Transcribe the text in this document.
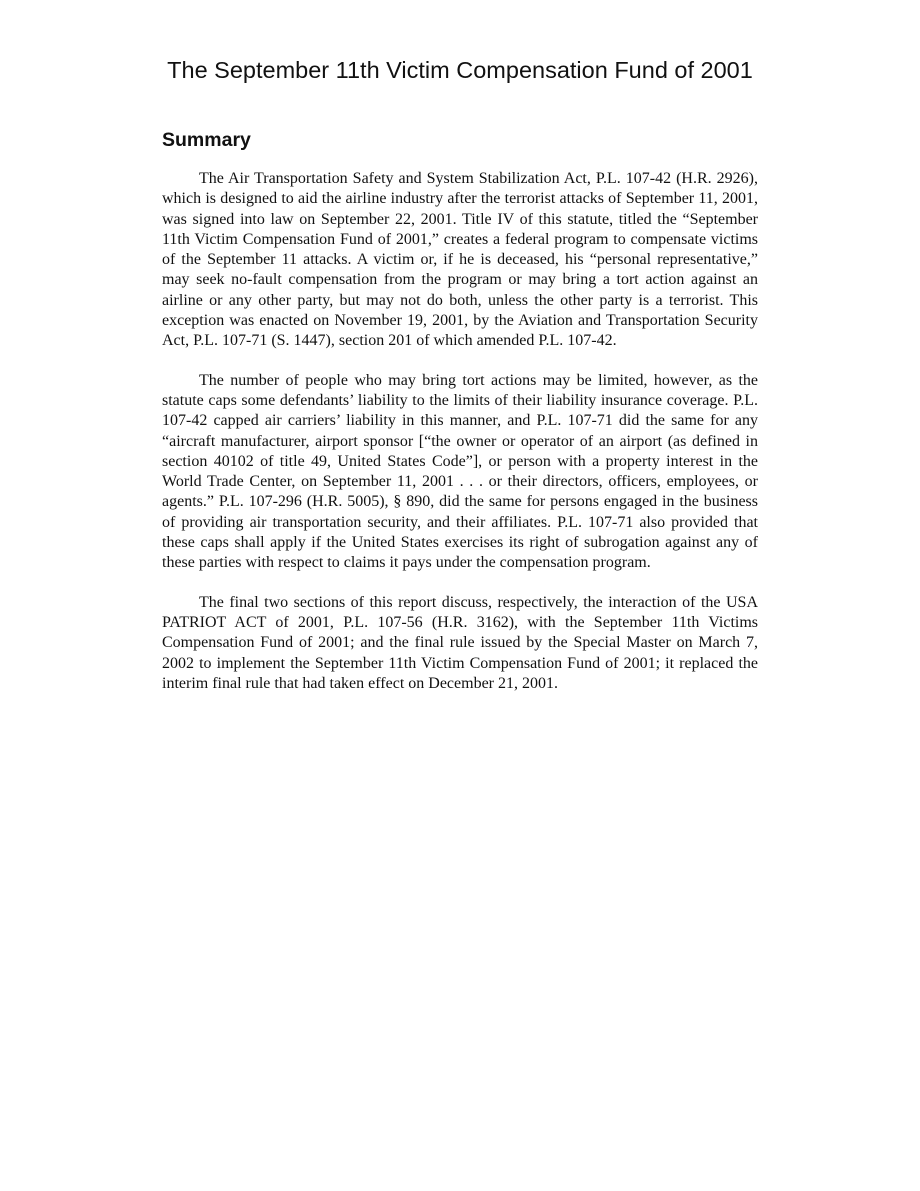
The September 11th Victim Compensation Fund of 2001
Summary

The Air Transportation Safety and System Stabilization Act, P.L. 107-42 (H.R. 2926), which is designed to aid the airline industry after the terrorist attacks of September 11, 2001, was signed into law on September 22, 2001. Title IV of this statute, titled the “September 11th Victim Compensation Fund of 2001,” creates a federal program to compensate victims of the September 11 attacks. A victim or, if he is deceased, his “personal representative,” may seek no-fault compensation from the program or may bring a tort action against an airline or any other party, but may not do both, unless the other party is a terrorist. This exception was enacted on November 19, 2001, by the Aviation and Transportation Security Act, P.L. 107-71 (S. 1447), section 201 of which amended P.L. 107-42.

The number of people who may bring tort actions may be limited, however, as the statute caps some defendants’ liability to the limits of their liability insurance coverage. P.L. 107-42 capped air carriers’ liability in this manner, and P.L. 107-71 did the same for any “aircraft manufacturer, airport sponsor [“the owner or operator of an airport (as defined in section 40102 of title 49, United States Code”], or person with a property interest in the World Trade Center, on September 11, 2001 . . . or their directors, officers, employees, or agents.” P.L. 107-296 (H.R. 5005), § 890, did the same for persons engaged in the business of providing air transportation security, and their affiliates. P.L. 107-71 also provided that these caps shall apply if the United States exercises its right of subrogation against any of these parties with respect to claims it pays under the compensation program.

The final two sections of this report discuss, respectively, the interaction of the USA PATRIOT ACT of 2001, P.L. 107-56 (H.R. 3162), with the September 11th Victims Compensation Fund of 2001; and the final rule issued by the Special Master on March 7, 2002 to implement the September 11th Victim Compensation Fund of 2001; it replaced the interim final rule that had taken effect on December 21, 2001.
